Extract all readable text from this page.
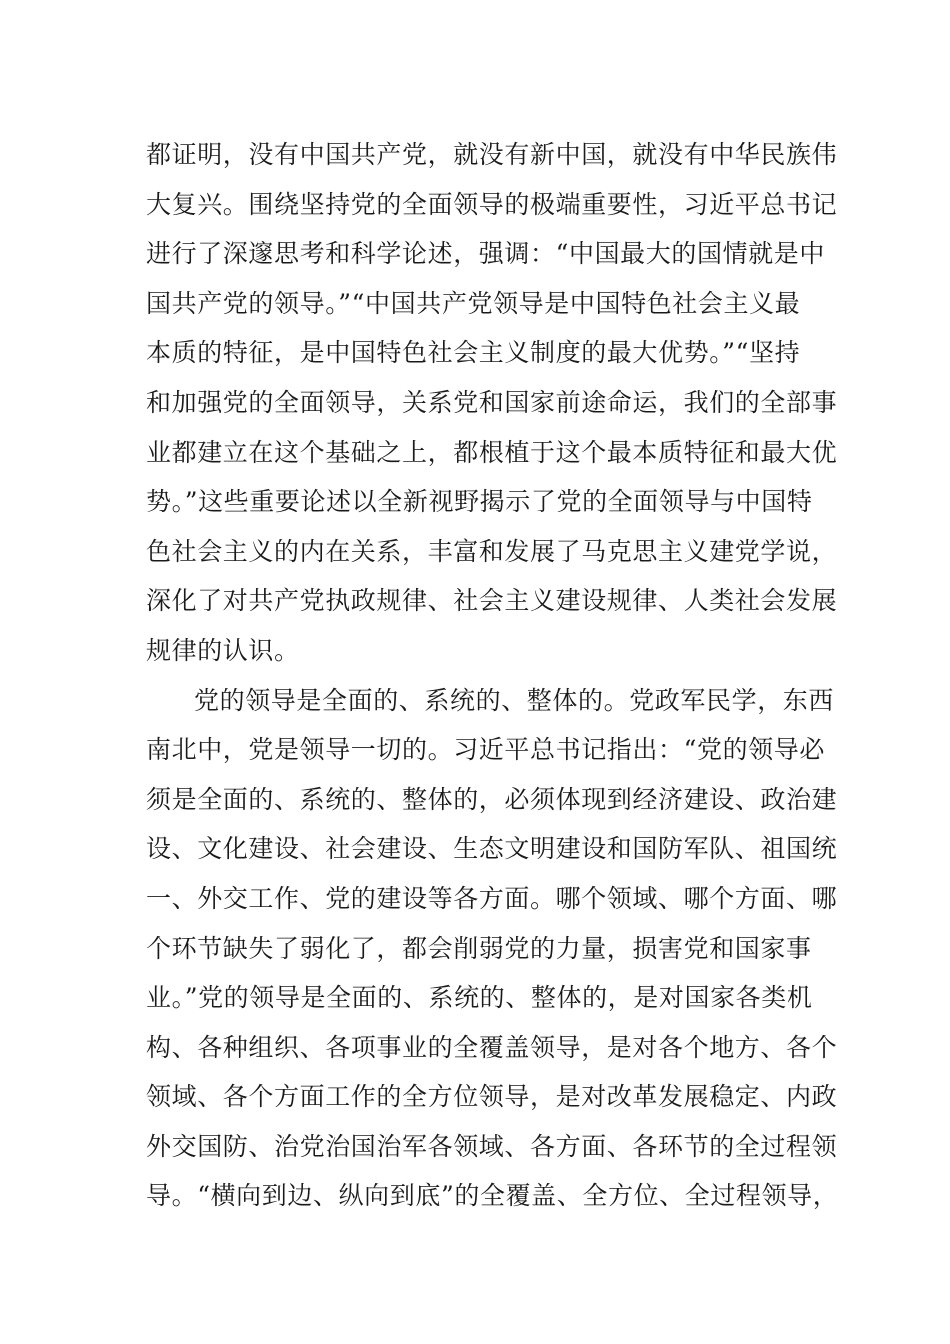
都证明，没有中国共产党，就没有新中国，就没有中华民族伟
大复兴。围绕坚持党的全面领导的极端重要性，习近平总书记
进行了深邃思考和科学论述，强调：“中国最大的国情就是中
国共产党的领导。”“中国共产党领导是中国特色社会主义最
本质的特征，是中国特色社会主义制度的最大优势。”“坚持
和加强党的全面领导，关系党和国家前途命运，我们的全部事
业都建立在这个基础之上，都根植于这个最本质特征和最大优
势。”这些重要论述以全新视野揭示了党的全面领导与中国特
色社会主义的内在关系，丰富和发展了马克思主义建党学说，
深化了对共产党执政规律、社会主义建设规律、人类社会发展
规律的认识。
党的领导是全面的、系统的、整体的。党政军民学，东西
南北中，党是领导一切的。习近平总书记指出：“党的领导必
须是全面的、系统的、整体的，必须体现到经济建设、政治建
设、文化建设、社会建设、生态文明建设和国防军队、祖国统
一、外交工作、党的建设等各方面。哪个领域、哪个方面、哪
个环节缺失了弱化了，都会削弱党的力量，损害党和国家事
业。”党的领导是全面的、系统的、整体的，是对国家各类机
构、各种组织、各项事业的全覆盖领导，是对各个地方、各个
领域、各个方面工作的全方位领导，是对改革发展稳定、内政
外交国防、治党治国治军各领域、各方面、各环节的全过程领
导。“横向到边、纵向到底”的全覆盖、全方位、全过程领导，
